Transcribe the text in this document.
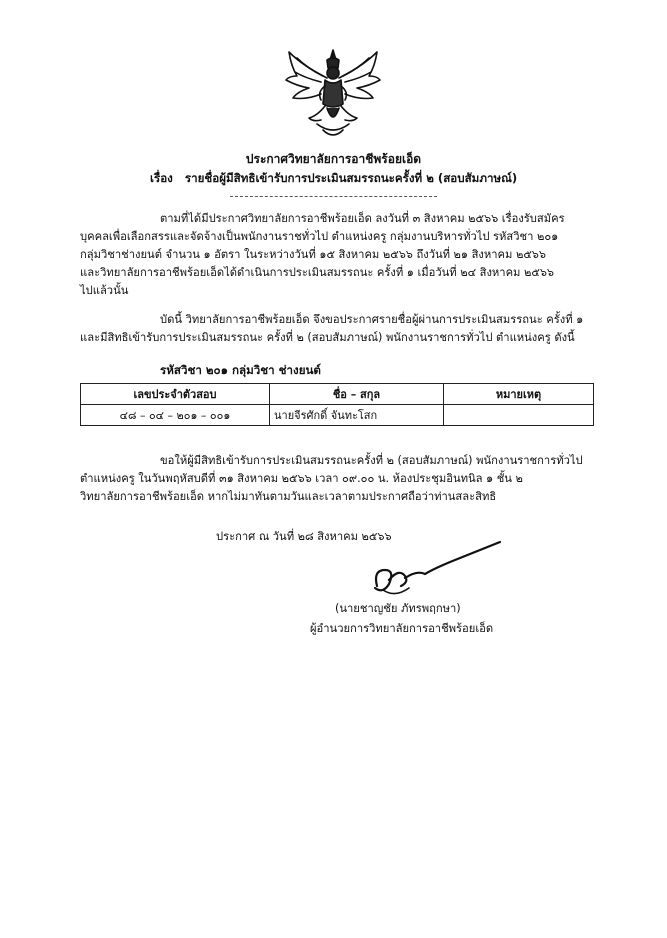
ประกาศวิทยาลัยการอาชีพร้อยเอ็ด
เรื่อง รายชื่อผู้มีสิทธิเข้ารับการประเมินสมรรถนะครั้งที่ ๒ (สอบสัมภาษณ์)
ตามที่ได้มีประกาศวิทยาลัยการอาชีพร้อยเอ็ด ลงวันที่ ๓ สิงหาคม ๒๕๖๖ เรื่องรับสมัคร
บุคคลเพื่อเลือกสรรและจัดจ้างเป็นพนักงานราชทั่วไป ตำแหน่งครู กลุ่มงานบริหารทั่วไป รหัสวิชา ๒๐๑
กลุ่มวิชาช่างยนต์ จำนวน ๑ อัตรา ในระหว่างวันที่ ๑๕ สิงหาคม ๒๕๖๖ ถึงวันที่ ๒๑ สิงหาคม ๒๕๖๖
และวิทยาลัยการอาชีพร้อยเอ็ดได้ดำเนินการประเมินสมรรถนะ ครั้งที่ ๑ เมื่อวันที่ ๒๔ สิงหาคม ๒๕๖๖
ไปแล้วนั้น
บัดนี้ วิทยาลัยการอาชีพร้อยเอ็ด จึงขอประกาศรายชื่อผู้ผ่านการประเมินสมรรถนะ ครั้งที่ ๑
และมีสิทธิเข้ารับการประเมินสมรรถนะ ครั้งที่ ๒ (สอบสัมภาษณ์) พนักงานราชการทั่วไป ตำแหน่งครู ดังนี้
รหัสวิชา ๒๐๑ กลุ่มวิชา ช่างยนต์
เลขประจำตัวสอบ	ชื่อ – สกุล	หมายเหตุ
๔๘ – ๐๔ – ๒๐๑ – ๐๐๑	นายจีรศักดิ์ จันทะโสก	
ขอให้ผู้มีสิทธิเข้ารับการประเมินสมรรถนะครั้งที่ ๒ (สอบสัมภาษณ์) พนักงานราชการทั่วไป
ตำแหน่งครู ในวันพฤหัสบดีที่ ๓๑ สิงหาคม ๒๕๖๖ เวลา ๐๙.๐๐ น. ห้องประชุมอินทนิล ๑ ชั้น ๒
วิทยาลัยการอาชีพร้อยเอ็ด หากไม่มาทันตามวันและเวลาตามประกาศถือว่าท่านสละสิทธิ
ประกาศ ณ วันที่ ๒๘ สิงหาคม ๒๕๖๖
(นายชาญชัย ภัทรพฤกษา)
ผู้อำนวยการวิทยาลัยการอาชีพร้อยเอ็ด
